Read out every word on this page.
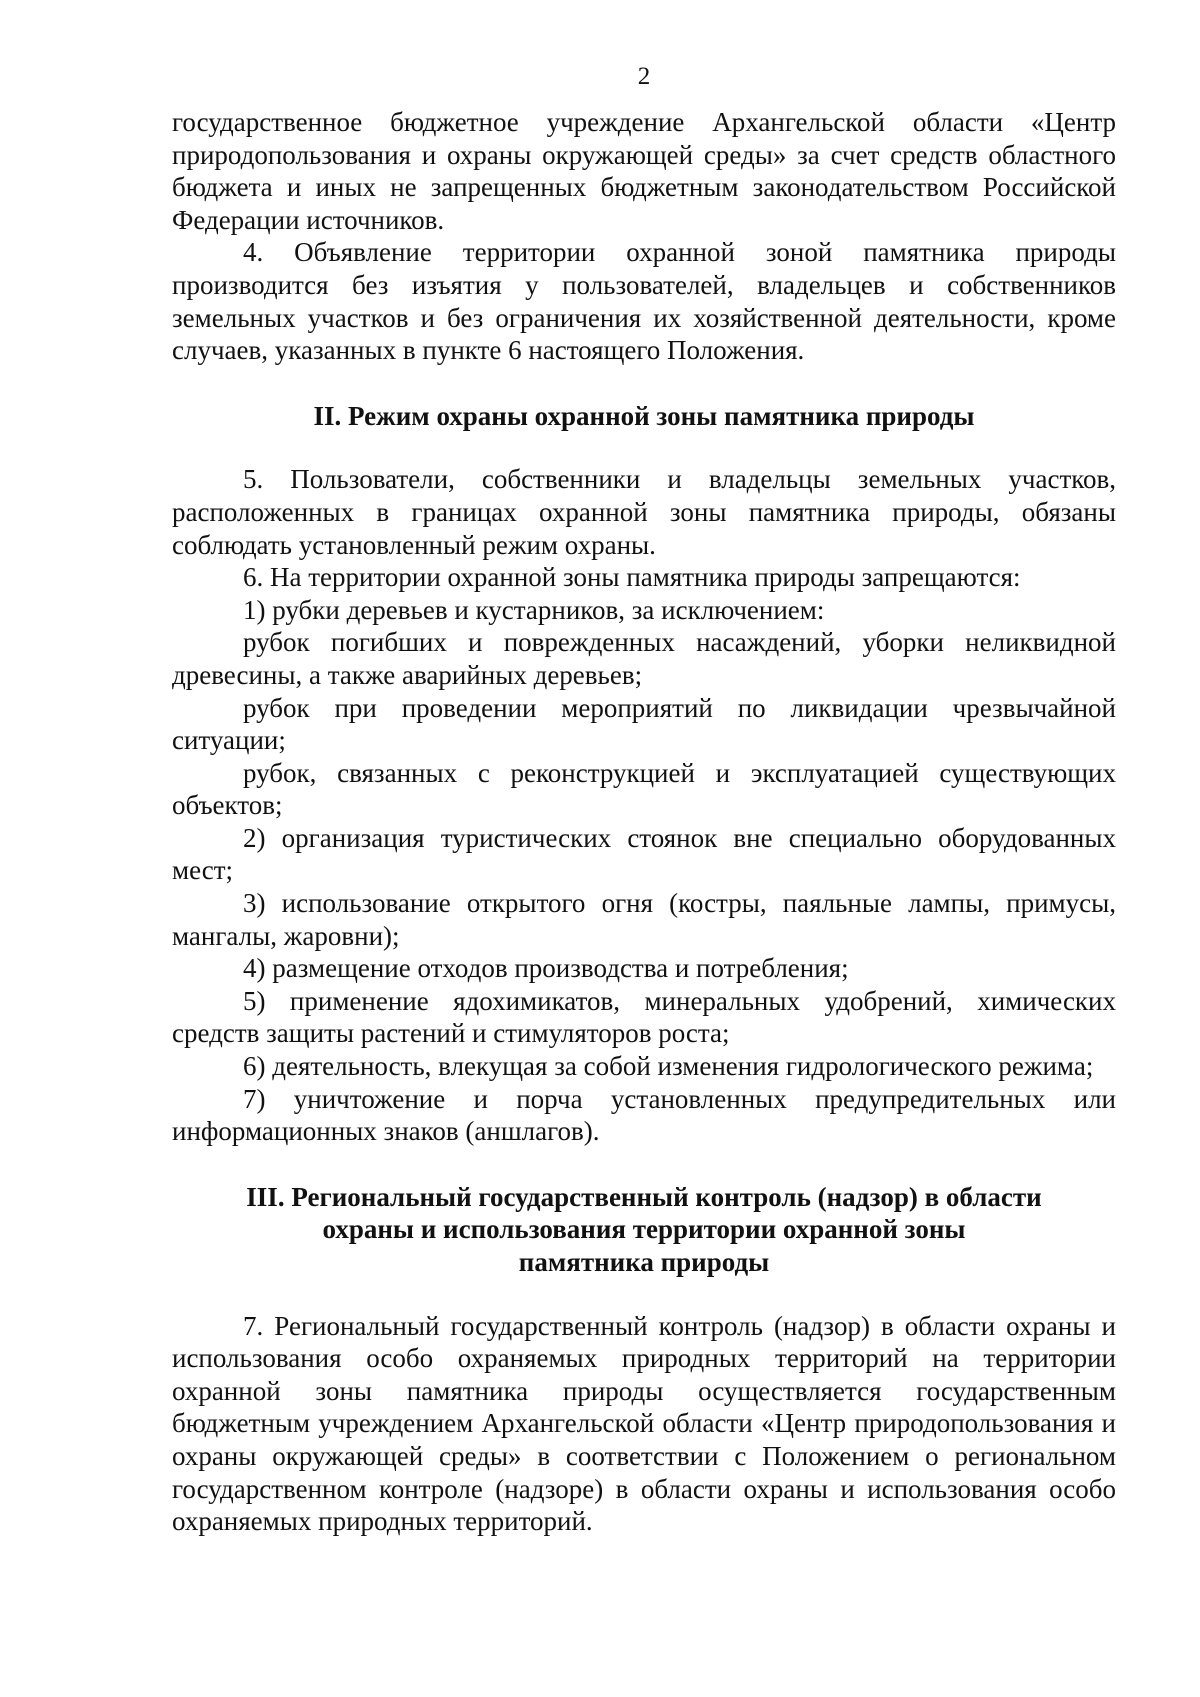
2

государственное бюджетное учреждение Архангельской области «Центр природопользования и охраны окружающей среды» за счет средств областного бюджета и иных не запрещенных бюджетным законодательством Российской Федерации источников.

4. Объявление территории охранной зоной памятника природы производится без изъятия у пользователей, владельцев и собственников земельных участков и без ограничения их хозяйственной деятельности, кроме случаев, указанных в пункте 6 настоящего Положения.

II. Режим охраны охранной зоны памятника природы

5. Пользователи, собственники и владельцы земельных участков, расположенных в границах охранной зоны памятника природы, обязаны соблюдать установленный режим охраны.

6. На территории охранной зоны памятника природы запрещаются:

1) рубки деревьев и кустарников, за исключением:

рубок погибших и поврежденных насаждений, уборки неликвидной древесины, а также аварийных деревьев;

рубок при проведении мероприятий по ликвидации чрезвычайной ситуации;

рубок, связанных с реконструкцией и эксплуатацией существующих объектов;

2) организация туристических стоянок вне специально оборудованных мест;

3) использование открытого огня (костры, паяльные лампы, примусы, мангалы, жаровни);

4) размещение отходов производства и потребления;

5) применение ядохимикатов, минеральных удобрений, химических средств защиты растений и стимуляторов роста;

6) деятельность, влекущая за собой изменения гидрологического режима;

7) уничтожение и порча установленных предупредительных или информационных знаков (аншлагов).

III. Региональный государственный контроль (надзор) в области
охраны и использования территории охранной зоны
памятника природы

7. Региональный государственный контроль (надзор) в области охраны и использования особо охраняемых природных территорий на территории охранной зоны памятника природы осуществляется государственным бюджетным учреждением Архангельской области «Центр природопользования и охраны окружающей среды» в соответствии с Положением о региональном государственном контроле (надзоре) в области охраны и использования особо охраняемых природных территорий.
